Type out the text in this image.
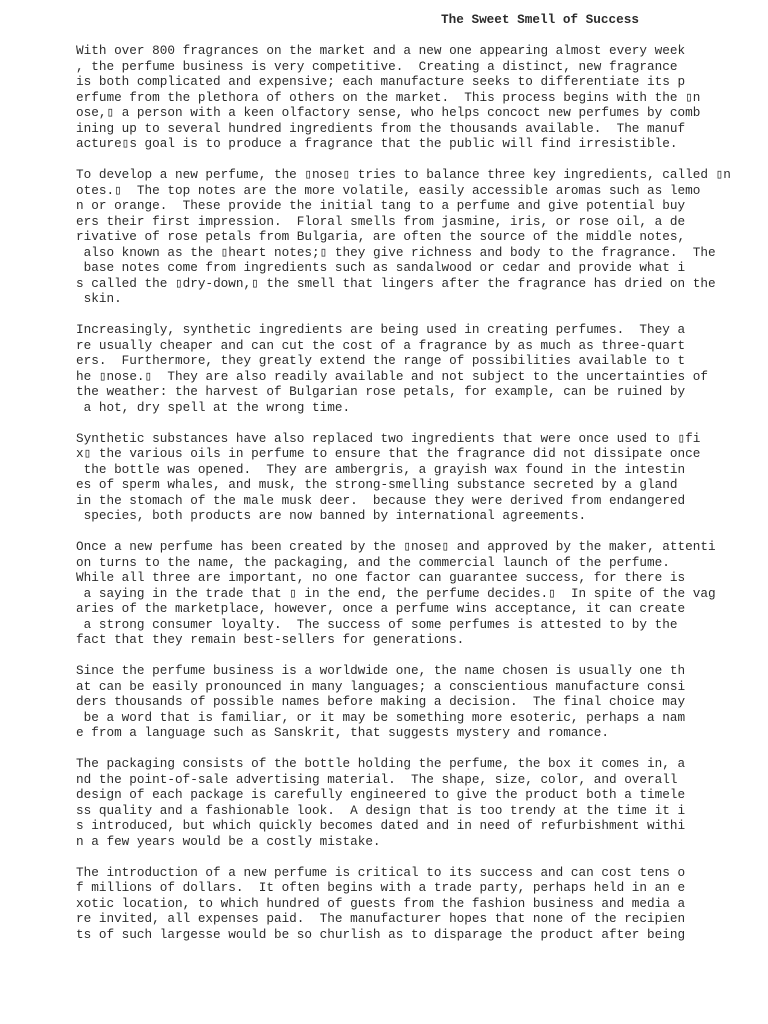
The Sweet Smell of Success

With over 800 fragrances on the market and a new one appearing almost every week
, the perfume business is very competitive.  Creating a distinct, new fragrance
is both complicated and expensive; each manufacture seeks to differentiate its p
erfume from the plethora of others on the market.  This process begins with the ▯n
ose,▯ a person with a keen olfactory sense, who helps concoct new perfumes by comb
ining up to several hundred ingredients from the thousands available.  The manuf
acture▯s goal is to produce a fragrance that the public will find irresistible.

To develop a new perfume, the ▯nose▯ tries to balance three key ingredients, called ▯n
otes.▯  The top notes are the more volatile, easily accessible aromas such as lemo
n or orange.  These provide the initial tang to a perfume and give potential buy
ers their first impression.  Floral smells from jasmine, iris, or rose oil, a de
rivative of rose petals from Bulgaria, are often the source of the middle notes,
also known as the ▯heart notes;▯ they give richness and body to the fragrance.  The
base notes come from ingredients such as sandalwood or cedar and provide what i
s called the ▯dry-down,▯ the smell that lingers after the fragrance has dried on the
skin.

Increasingly, synthetic ingredients are being used in creating perfumes.  They a
re usually cheaper and can cut the cost of a fragrance by as much as three-quart
ers.  Furthermore, they greatly extend the range of possibilities available to t
he ▯nose.▯  They are also readily available and not subject to the uncertainties of
the weather: the harvest of Bulgarian rose petals, for example, can be ruined by
a hot, dry spell at the wrong time.

Synthetic substances have also replaced two ingredients that were once used to ▯fi
x▯ the various oils in perfume to ensure that the fragrance did not dissipate once
the bottle was opened.  They are ambergris, a grayish wax found in the intestin
es of sperm whales, and musk, the strong-smelling substance secreted by a gland
in the stomach of the male musk deer.  because they were derived from endangered
species, both products are now banned by international agreements.

Once a new perfume has been created by the ▯nose▯ and approved by the maker, attenti
on turns to the name, the packaging, and the commercial launch of the perfume.
While all three are important, no one factor can guarantee success, for there is
a saying in the trade that ▯ in the end, the perfume decides.▯  In spite of the vag
aries of the marketplace, however, once a perfume wins acceptance, it can create
a strong consumer loyalty.  The success of some perfumes is attested to by the
fact that they remain best-sellers for generations.

Since the perfume business is a worldwide one, the name chosen is usually one th
at can be easily pronounced in many languages; a conscientious manufacture consi
ders thousands of possible names before making a decision.  The final choice may
be a word that is familiar, or it may be something more esoteric, perhaps a nam
e from a language such as Sanskrit, that suggests mystery and romance.

The packaging consists of the bottle holding the perfume, the box it comes in, a
nd the point-of-sale advertising material.  The shape, size, color, and overall
design of each package is carefully engineered to give the product both a timele
ss quality and a fashionable look.  A design that is too trendy at the time it i
s introduced, but which quickly becomes dated and in need of refurbishment withi
n a few years would be a costly mistake.

The introduction of a new perfume is critical to its success and can cost tens o
f millions of dollars.  It often begins with a trade party, perhaps held in an e
xotic location, to which hundred of guests from the fashion business and media a
re invited, all expenses paid.  The manufacturer hopes that none of the recipien
ts of such largesse would be so churlish as to disparage the product after being
